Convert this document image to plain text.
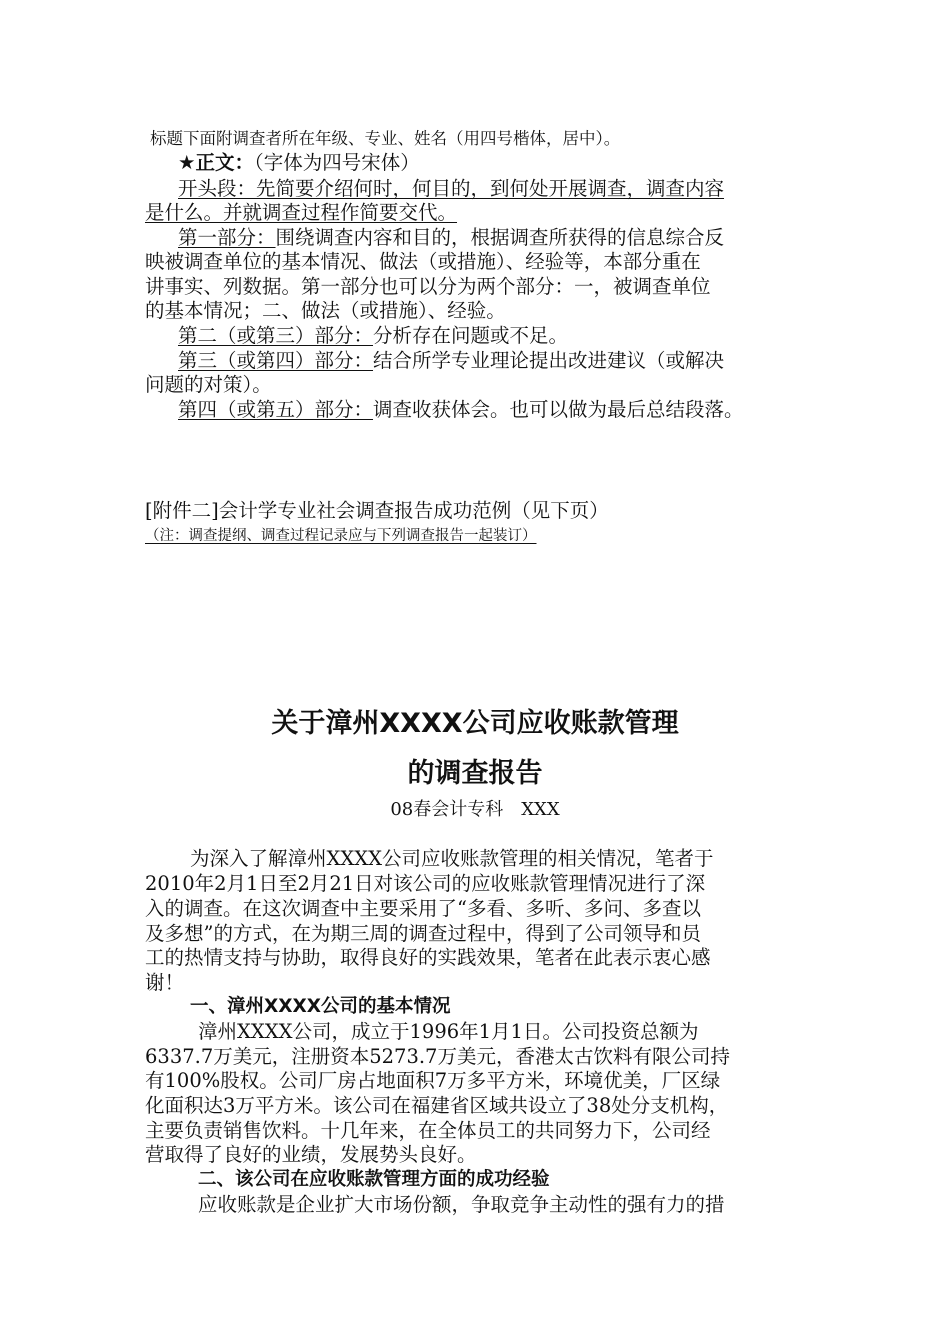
标题下面附调查者所在年级、专业、姓名（用四号楷体，居中）。
★正文：（字体为四号宋体）
开头段：先简要介绍何时，何目的，到何处开展调查，调查内容
是什么。并就调查过程作简要交代。
第一部分：围绕调查内容和目的，根据调查所获得的信息综合反
映被调查单位的基本情况、做法（或措施）、经验等，本部分重在
讲事实、列数据。第一部分也可以分为两个部分：一，被调查单位
的基本情况；二、做法（或措施）、经验。
第二（或第三）部分：分析存在问题或不足。
第三（或第四）部分：结合所学专业理论提出改进建议（或解决
问题的对策）。
第四（或第五）部分：调查收获体会。也可以做为最后总结段落。
[附件二]会计学专业社会调查报告成功范例（见下页）
（注：调查提纲、调查过程记录应与下列调查报告一起装订）
关于漳州XXXX公司应收账款管理
的调查报告
08春会计专科　XXX
为深入了解漳州XXXX公司应收账款管理的相关情况，笔者于
2010年2月1日至2月21日对该公司的应收账款管理情况进行了深
入的调查。在这次调查中主要采用了“多看、多听、多问、多查以
及多想”的方式，在为期三周的调查过程中，得到了公司领导和员
工的热情支持与协助，取得良好的实践效果，笔者在此表示衷心感
谢！
一、漳州XXXX公司的基本情况
漳州XXXX公司，成立于1996年1月1日。公司投资总额为
6337.7万美元，注册资本5273.7万美元，香港太古饮料有限公司持
有100%股权。公司厂房占地面积7万多平方米，环境优美，厂区绿
化面积达3万平方米。该公司在福建省区域共设立了38处分支机构，
主要负责销售饮料。十几年来，在全体员工的共同努力下，公司经
营取得了良好的业绩，发展势头良好。
二、该公司在应收账款管理方面的成功经验
应收账款是企业扩大市场份额，争取竞争主动性的强有力的措
